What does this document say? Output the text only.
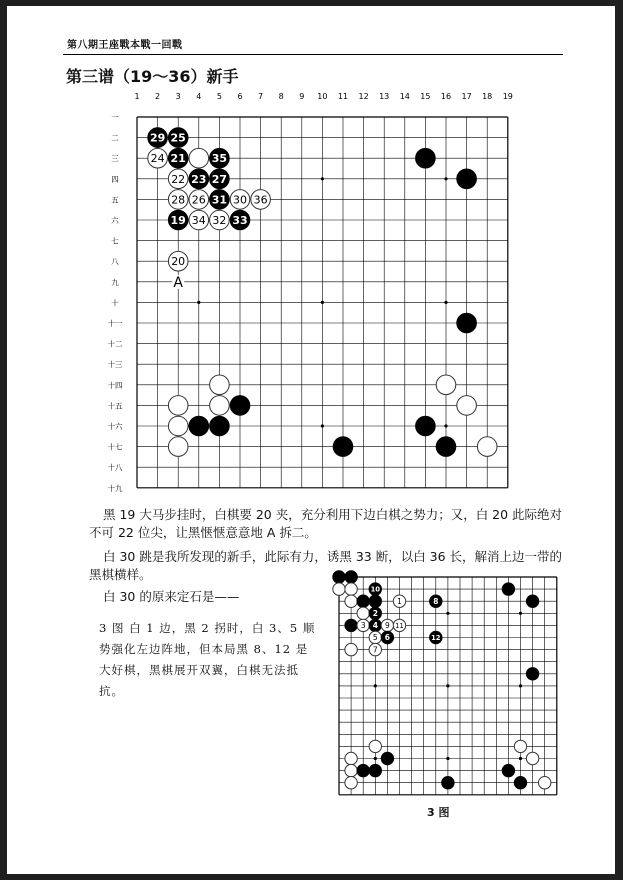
第八期王座戰本戰一回戰
第三谱（19～36）新手
1 2 3 4 5 6 7 8 9 10 11 12 13 14 15 16 17 18 19
一
二
三
四
五
六
七
八
九
十
十一
十二
十三
十四
十五
十六
十七
十八
十九
29 25
24 21 35
22 23 27
28 26 31 30 36
19 34 32 33
20
A
黑 19 大马步挂时，白棋要 20 夹，充分利用下边白棋之势力；又，白 20 此际绝对不可 22 位尖，让黑惬惬意意地 A 拆二。
白 30 跳是我所发现的新手，此际有力，诱黑 33 断，以白 36 长，解消上边一带的黑棋横样。
白 30 的原来定石是——
3 图 白 1 边，黑 2 拐时，白 3、5 顺势强化左边阵地，但本局黑 8、12 是大好棋，黑棋展开双翼，白棋无法抵抗。
10
1	8
2
3 4 9 11
5 6	12
7
3 图
